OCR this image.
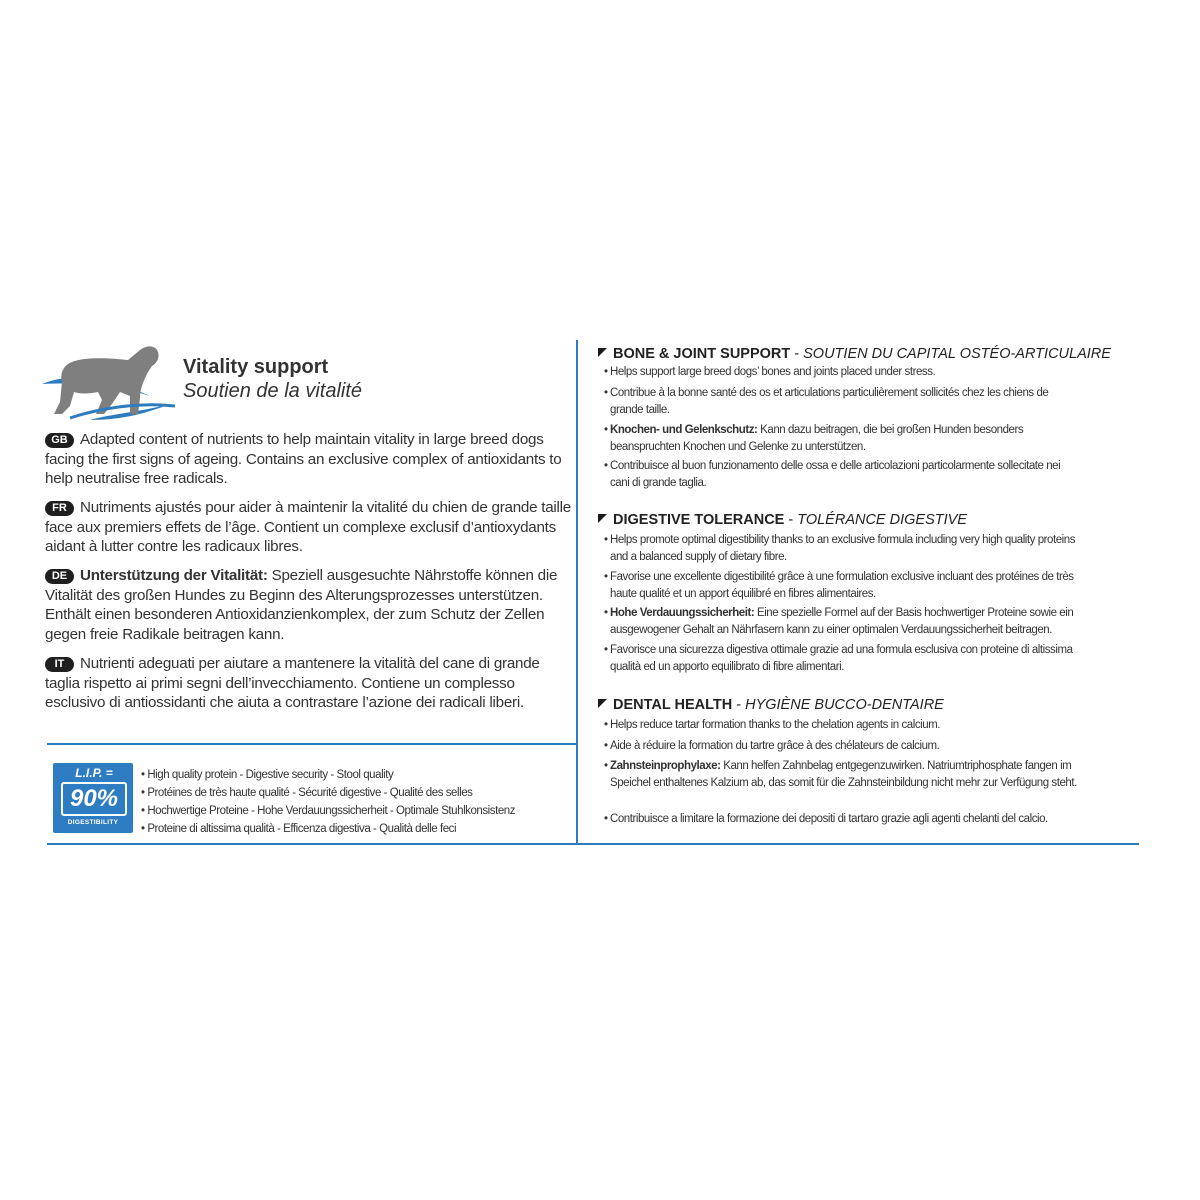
Vitality support
Soutien de la vitalité
GB Adapted content of nutrients to help maintain vitality in large breed dogs facing the first signs of ageing. Contains an exclusive complex of antioxidants to help neutralise free radicals.
FR Nutriments ajustés pour aider à maintenir la vitalité du chien de grande taille face aux premiers effets de l’âge. Contient un complexe exclusif d’antioxydants aidant à lutter contre les radicaux libres.
DE Unterstützung der Vitalität: Speziell ausgesuchte Nährstoffe können die Vitalität des großen Hundes zu Beginn des Alterungsprozesses unterstützen. Enthält einen besonderen Antioxidanzienkomplex, der zum Schutz der Zellen gegen freie Radikale beitragen kann.
IT Nutrienti adeguati per aiutare a mantenere la vitalità del cane di grande taglia rispetto ai primi segni dell’invecchiamento. Contiene un complesso esclusivo di antiossidanti che aiuta a contrastare l’azione dei radicali liberi.
L.I.P. =
90%
DIGESTIBILITY
• High quality protein - Digestive security - Stool quality
• Protéines de très haute qualité - Sécurité digestive - Qualité des selles
• Hochwertige Proteine - Hohe Verdauungssicherheit - Optimale Stuhlkonsistenz
• Proteine di altissima qualità - Efficenza digestiva - Qualità delle feci
BONE & JOINT SUPPORT - SOUTIEN DU CAPITAL OSTÉO-ARTICULAIRE
• Helps support large breed dogs’ bones and joints placed under stress.
• Contribue à la bonne santé des os et articulations particulièrement sollicités chez les chiens de grande taille.
• Knochen- und Gelenkschutz: Kann dazu beitragen, die bei großen Hunden besonders beanspruchten Knochen und Gelenke zu unterstützen.
• Contribuisce al buon funzionamento delle ossa e delle articolazioni particolarmente sollecitate nei cani di grande taglia.
DIGESTIVE TOLERANCE - TOLÉRANCE DIGESTIVE
• Helps promote optimal digestibility thanks to an exclusive formula including very high quality proteins and a balanced supply of dietary fibre.
• Favorise une excellente digestibilité grâce à une formulation exclusive incluant des protéines de très haute qualité et un apport équilibré en fibres alimentaires.
• Hohe Verdauungssicherheit: Eine spezielle Formel auf der Basis hochwertiger Proteine sowie ein ausgewogener Gehalt an Nährfasern kann zu einer optimalen Verdauungssicherheit beitragen.
• Favorisce una sicurezza digestiva ottimale grazie ad una formula esclusiva con proteine di altissima qualità ed un apporto equilibrato di fibre alimentari.
DENTAL HEALTH - HYGIÈNE BUCCO-DENTAIRE
• Helps reduce tartar formation thanks to the chelation agents in calcium.
• Aide à réduire la formation du tartre grâce à des chélateurs de calcium.
• Zahnsteinprophylaxe: Kann helfen Zahnbelag entgegenzuwirken. Natriumtriphosphate fangen im Speichel enthaltenes Kalzium ab, das somit für die Zahnsteinbildung nicht mehr zur Verfügung steht.
• Contribuisce a limitare la formazione dei depositi di tartaro grazie agli agenti chelanti del calcio.
